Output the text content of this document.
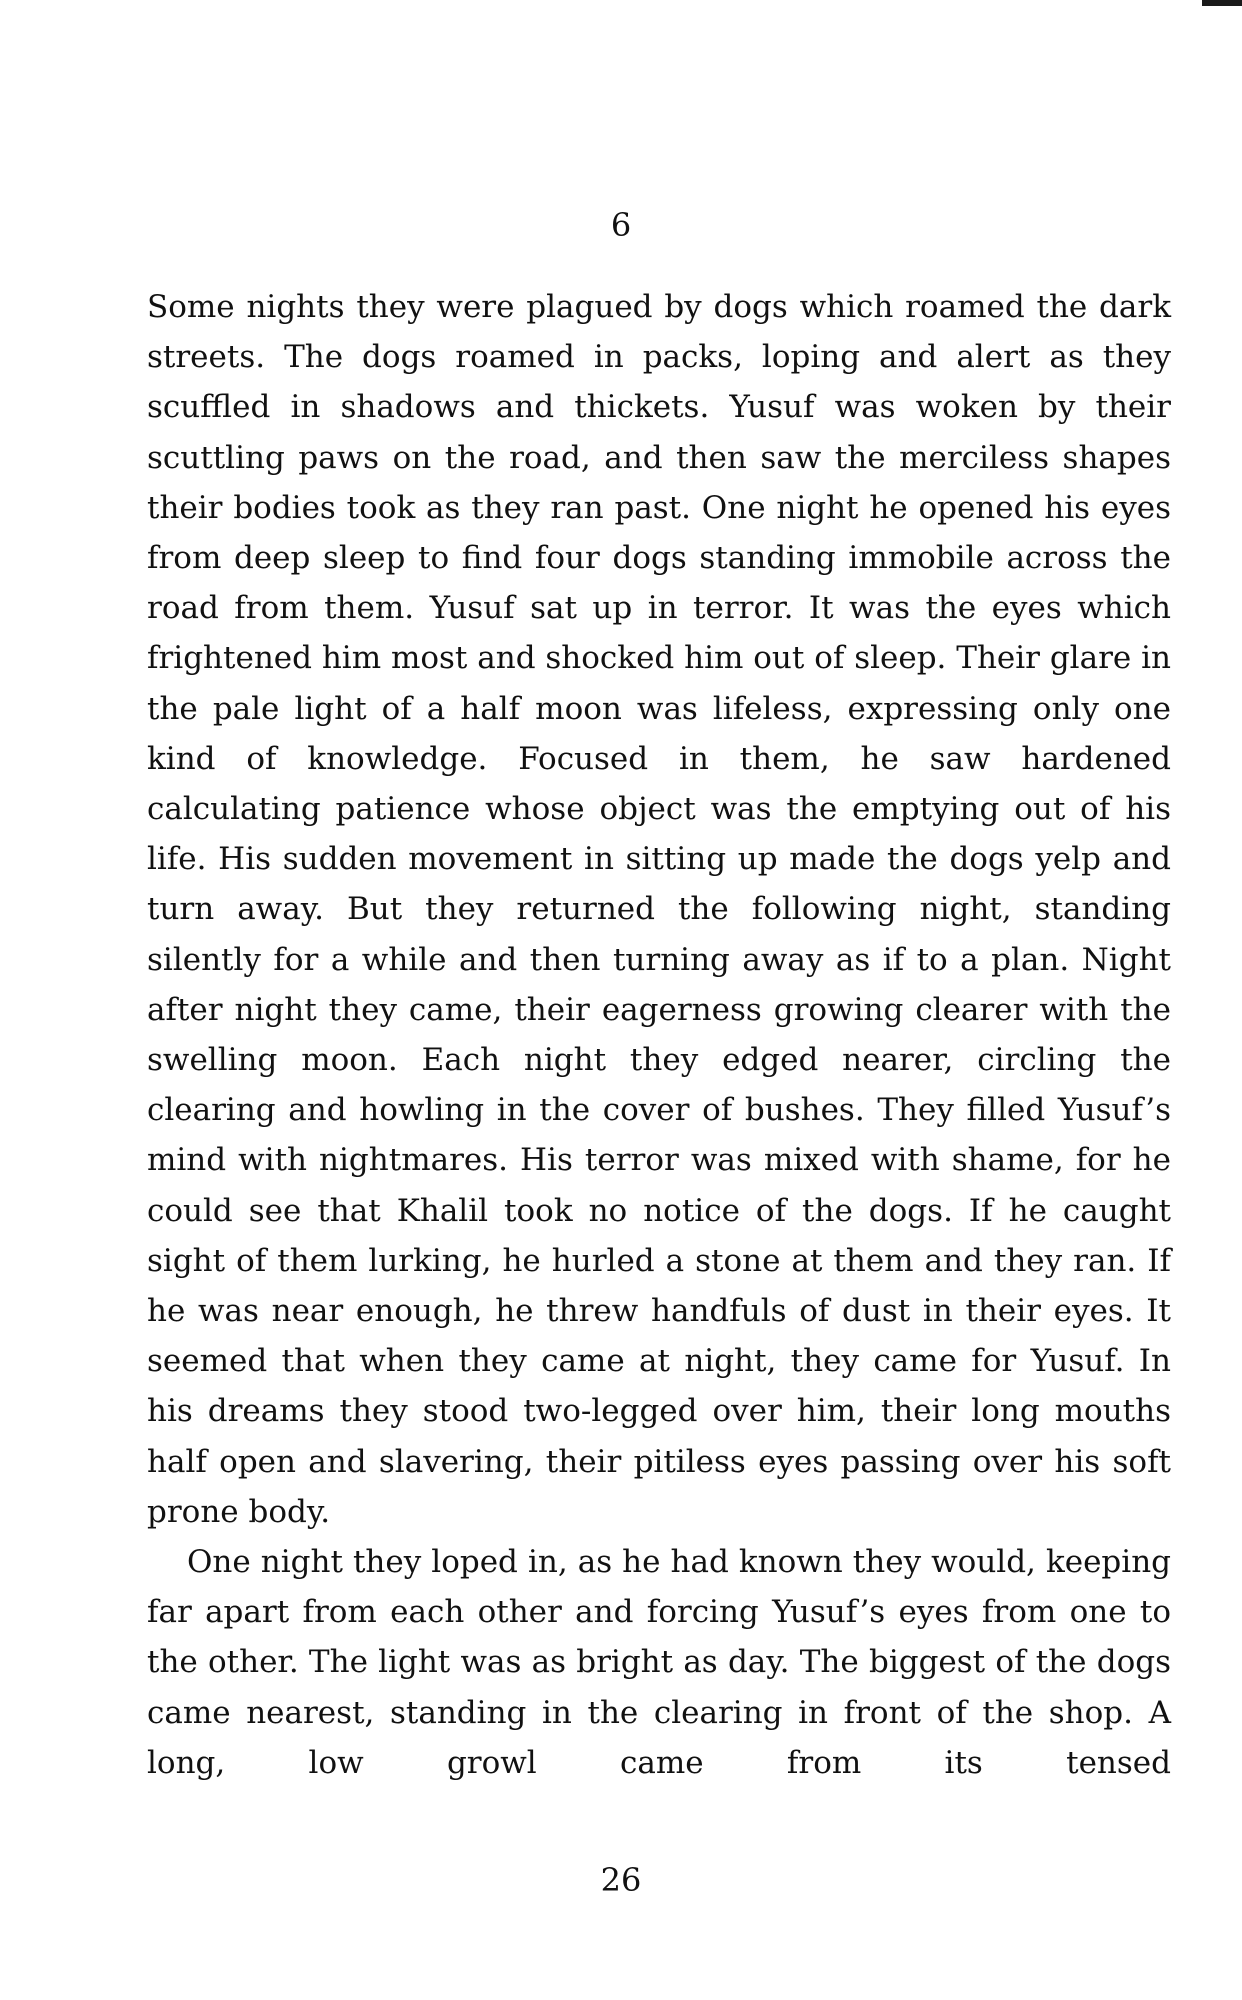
6

Some nights they were plagued by dogs which roamed the dark streets. The dogs roamed in packs, loping and alert as they scuffled in shadows and thickets. Yusuf was woken by their scuttling paws on the road, and then saw the merciless shapes their bodies took as they ran past. One night he opened his eyes from deep sleep to find four dogs standing immobile across the road from them. Yusuf sat up in terror. It was the eyes which frightened him most and shocked him out of sleep. Their glare in the pale light of a half moon was lifeless, expressing only one kind of knowledge. Focused in them, he saw hardened calculating patience whose object was the emptying out of his life. His sudden movement in sitting up made the dogs yelp and turn away. But they returned the following night, standing silently for a while and then turning away as if to a plan. Night after night they came, their eagerness growing clearer with the swelling moon. Each night they edged nearer, circling the clearing and howling in the cover of bushes. They filled Yusuf’s mind with nightmares. His terror was mixed with shame, for he could see that Khalil took no notice of the dogs. If he caught sight of them lurking, he hurled a stone at them and they ran. If he was near enough, he threw handfuls of dust in their eyes. It seemed that when they came at night, they came for Yusuf. In his dreams they stood two-legged over him, their long mouths half open and slavering, their pitiless eyes passing over his soft prone body.

One night they loped in, as he had known they would, keeping far apart from each other and forcing Yusuf’s eyes from one to the other. The light was as bright as day. The biggest of the dogs came nearest, standing in the clearing in front of the shop. A long, low growl came from its tensed

26
